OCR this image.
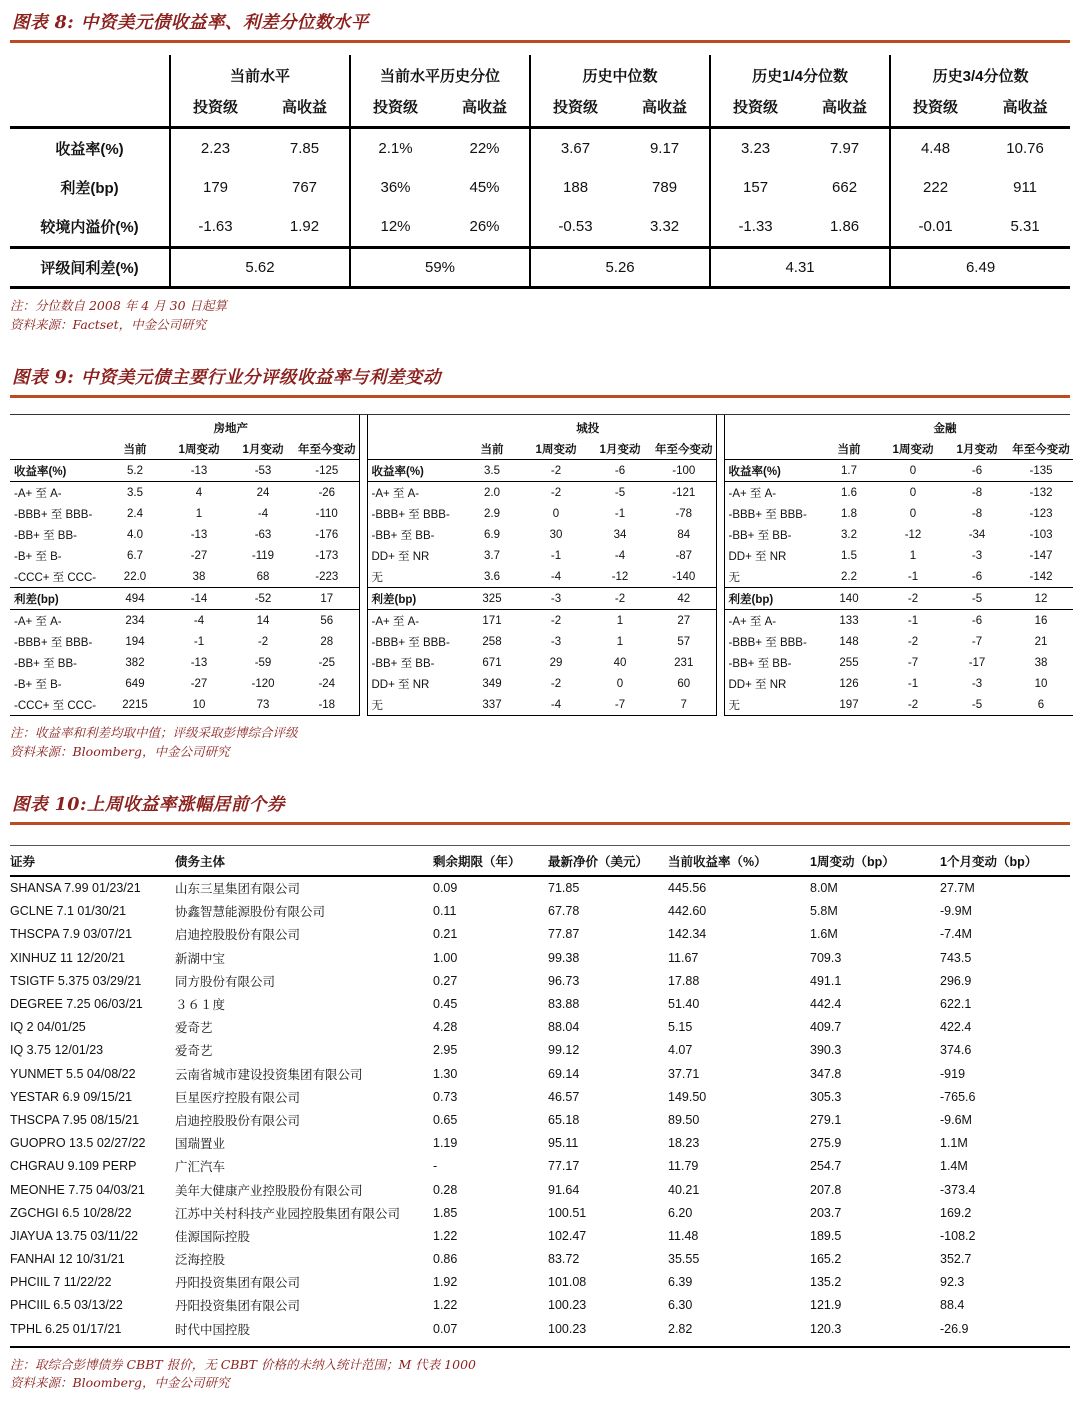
图表 8: 中资美元债收益率、利差分位数水平
	当前水平		当前水平历史分位		历史中位数		历史1/4分位数		历史3/4分位数	
	投资级	高收益	投资级	高收益	投资级	高收益	投资级	高收益	投资级	高收益
收益率(%)	2.23	7.85	2.1%	22%	3.67	9.17	3.23	7.97	4.48	10.76
利差(bp)	179	767	36%	45%	188	789	157	662	222	911
较境内溢价(%)	-1.63	1.92	12%	26%	-0.53	3.32	-1.33	1.86	-0.01	5.31
评级间利差(%)	5.62		59%		5.26		4.31		6.49	
注：分位数自 2008 年 4 月 30 日起算
资料来源：Factset，中金公司研究
图表 9: 中资美元债主要行业分评级收益率与利差变动
	房地产			
	当前	1周变动	1月变动	年至今变动
收益率(%)	5.2	-13	-53	-125
-A+ 至 A-	3.5	4	24	-26
-BBB+ 至 BBB-	2.4	1	-4	-110
-BB+ 至 BB-	4.0	-13	-63	-176
-B+ 至 B-	6.7	-27	-119	-173
-CCC+ 至 CCC-	22.0	38	68	-223
利差(bp)	494	-14	-52	17
-A+ 至 A-	234	-4	14	56
-BBB+ 至 BBB-	194	-1	-2	28
-BB+ 至 BB-	382	-13	-59	-25
-B+ 至 B-	649	-27	-120	-24
-CCC+ 至 CCC-	2215	10	73	-18
	城投			
	当前	1周变动	1月变动	年至今变动
收益率(%)	3.5	-2	-6	-100
-A+ 至 A-	2.0	-2	-5	-121
-BBB+ 至 BBB-	2.9	0	-1	-78
-BB+ 至 BB-	6.9	30	34	84
DD+ 至 NR	3.7	-1	-4	-87
无	3.6	-4	-12	-140
利差(bp)	325	-3	-2	42
-A+ 至 A-	171	-2	1	27
-BBB+ 至 BBB-	258	-3	1	57
-BB+ 至 BB-	671	29	40	231
DD+ 至 NR	349	-2	0	60
无	337	-4	-7	7
	金融			
	当前	1周变动	1月变动	年至今变动
收益率(%)	1.7	0	-6	-135
-A+ 至 A-	1.6	0	-8	-132
-BBB+ 至 BBB-	1.8	0	-8	-123
-BB+ 至 BB-	3.2	-12	-34	-103
DD+ 至 NR	1.5	1	-3	-147
无	2.2	-1	-6	-142
利差(bp)	140	-2	-5	12
-A+ 至 A-	133	-1	-6	16
-BBB+ 至 BBB-	148	-2	-7	21
-BB+ 至 BB-	255	-7	-17	38
DD+ 至 NR	126	-1	-3	10
无	197	-2	-5	6
注：收益率和利差均取中值；评级采取彭博综合评级
资料来源：Bloomberg，中金公司研究
图表 10:上周收益率涨幅居前个券
证券	债务主体	剩余期限（年）	最新净价（美元）	当前收益率（%）	1周变动（bp）	1个月变动（bp）
SHANSA 7.99 01/23/21	山东三星集团有限公司	0.09	71.85	445.56	8.0M	27.7M
GCLNE 7.1 01/30/21	协鑫智慧能源股份有限公司	0.11	67.78	442.60	5.8M	-9.9M
THSCPA 7.9 03/07/21	启迪控股股份有限公司	0.21	77.87	142.34	1.6M	-7.4M
XINHUZ 11 12/20/21	新湖中宝	1.00	99.38	11.67	709.3	743.5
TSIGTF 5.375 03/29/21	同方股份有限公司	0.27	96.73	17.88	491.1	296.9
DEGREE 7.25 06/03/21	３６１度	0.45	83.88	51.40	442.4	622.1
IQ 2 04/01/25	爱奇艺	4.28	88.04	5.15	409.7	422.4
IQ 3.75 12/01/23	爱奇艺	2.95	99.12	4.07	390.3	374.6
YUNMET 5.5 04/08/22	云南省城市建设投资集团有限公司	1.30	69.14	37.71	347.8	-919
YESTAR 6.9 09/15/21	巨星医疗控股有限公司	0.73	46.57	149.50	305.3	-765.6
THSCPA 7.95 08/15/21	启迪控股股份有限公司	0.65	65.18	89.50	279.1	-9.6M
GUOPRO 13.5 02/27/22	国瑞置业	1.19	95.11	18.23	275.9	1.1M
CHGRAU 9.109 PERP	广汇汽车	-	77.17	11.79	254.7	1.4M
MEONHE 7.75 04/03/21	美年大健康产业控股股份有限公司	0.28	91.64	40.21	207.8	-373.4
ZGCHGI 6.5 10/28/22	江苏中关村科技产业园控股集团有限公司	1.85	100.51	6.20	203.7	169.2
JIAYUA 13.75 03/11/22	佳源国际控股	1.22	102.47	11.48	189.5	-108.2
FANHAI 12 10/31/21	泛海控股	0.86	83.72	35.55	165.2	352.7
PHCIIL 7 11/22/22	丹阳投资集团有限公司	1.92	101.08	6.39	135.2	92.3
PHCIIL 6.5 03/13/22	丹阳投资集团有限公司	1.22	100.23	6.30	121.9	88.4
TPHL 6.25 01/17/21	时代中国控股	0.07	100.23	2.82	120.3	-26.9
注：取综合彭博债券 CBBT 报价，无 CBBT 价格的未纳入统计范围；M 代表 1000
资料来源：Bloomberg，中金公司研究
